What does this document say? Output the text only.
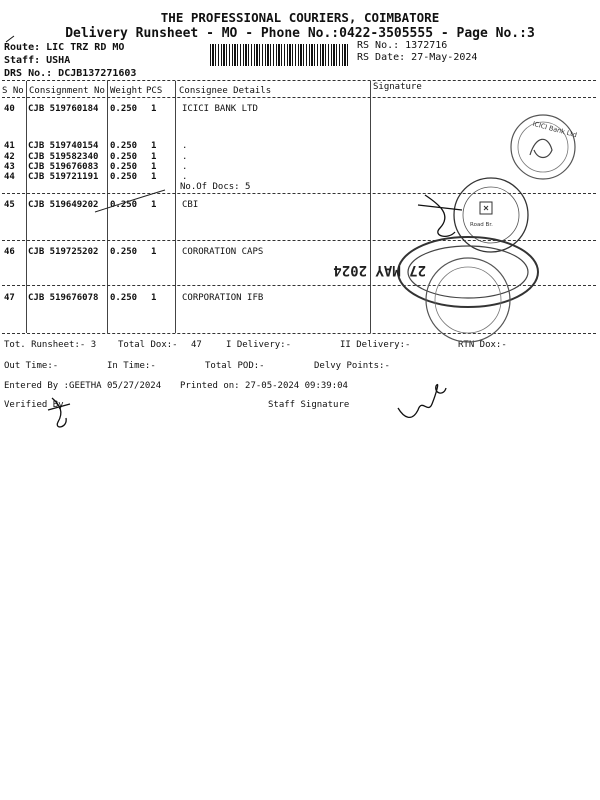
THE PROFESSIONAL COURIERS, COIMBATORE
Delivery Runsheet - MO - Phone No.:0422-3505555 - Page No.:3
Route: LIC TRZ RD MO
Staff: USHA
DRS No.: DCJB137271603
RS No.: 1372716
RS Date: 27-May-2024
S No Consignment No Weight PCS Consignee Details	Signature
40 CJB 519760184 0.250 1	ICICI BANK LTD
41 CJB 519740154 0.250 1	.
42 CJB 519582340 0.250 1	.
43 CJB 519676083 0.250 1	.
44 CJB 519721191 0.250 1	.
No.Of Docs: 5
45 CJB 519649202 0.250 1	CBI
46 CJB 519725202 0.250 1	CORORATION CAPS
47 CJB 519676078 0.250 1	CORPORATION IFB
Tot. Runsheet:- 3 Total Dox:- 47	I Delivery:-	II Delivery:-	RTN Dox:-
Out Time:-	In Time:-	Total POD:-	Delvy Points:-
Entered By :GEETHA 05/27/2024 Printed on: 27-05-2024 09:39:04
Verified By	Staff Signature
ICICI Bank Ltd
Road Br.
27 MAY 2024
